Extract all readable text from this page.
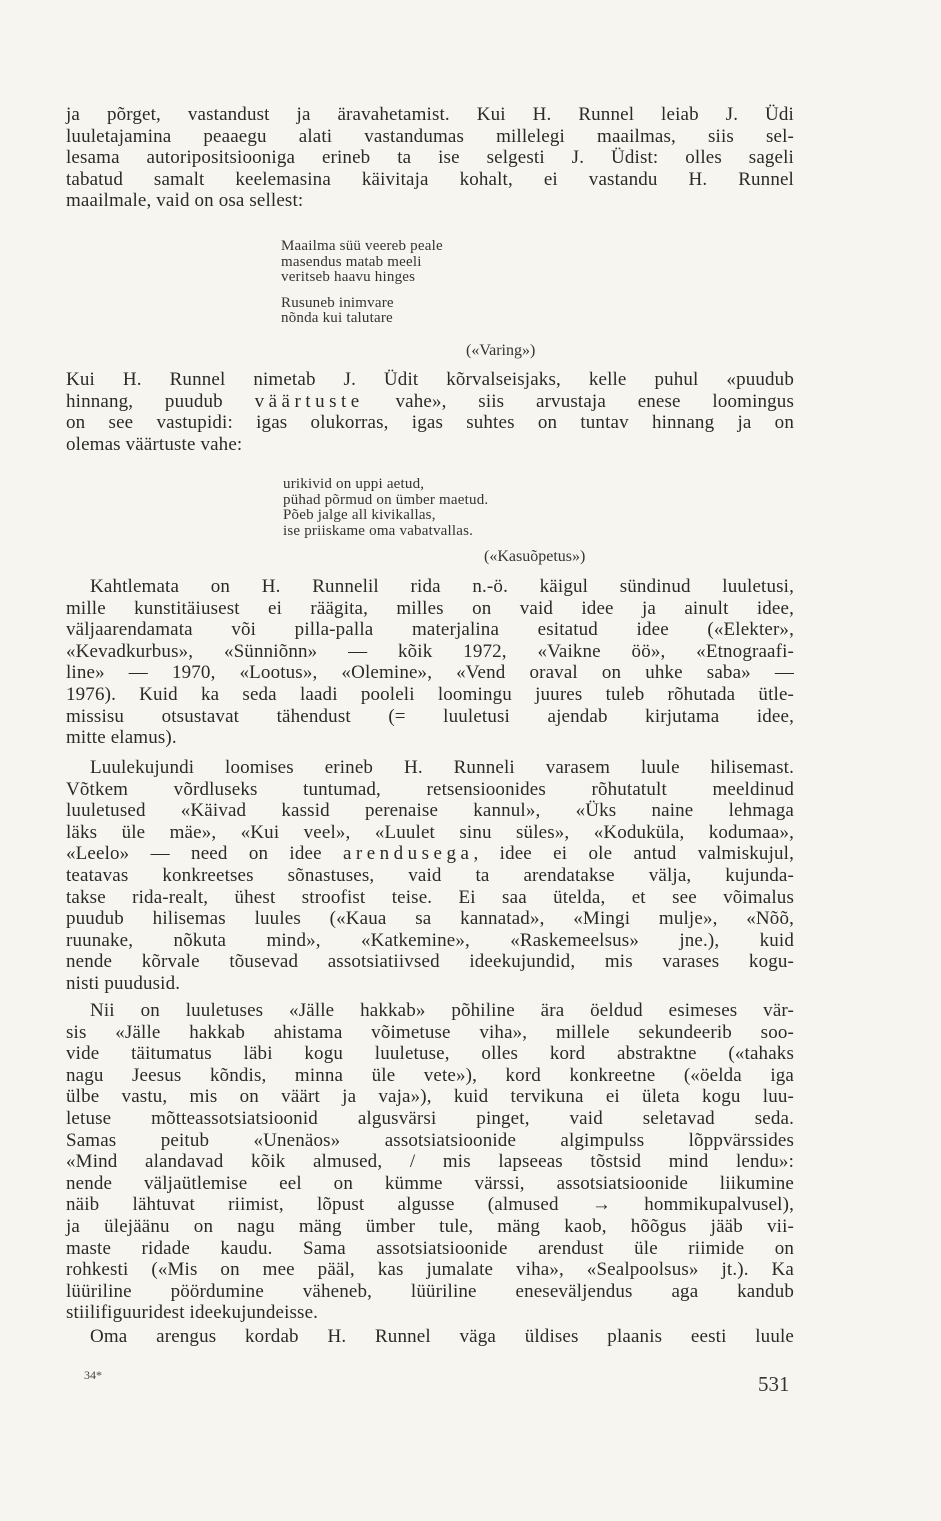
ja põrget, vastandust ja äravahetamist. Kui H. Runnel leiab J. Üdi
luuletajamina peaaegu alati vastandumas millelegi maailmas, siis sel-
lesama autoripositsiooniga erineb ta ise selgesti J. Üdist: olles sageli
tabatud samalt keelemasina käivitaja kohalt, ei vastandu H. Runnel
maailmale, vaid on osa sellest:
Maailma süü veereb peale
masendus matab meeli
veritseb haavu hinges
Rusuneb inimvare
nõnda kui talutare
(«Varing»)
Kui H. Runnel nimetab J. Üdit kõrvalseisjaks, kelle puhul «puudub
hinnang, puudub väärtuste vahe», siis arvustaja enese loomingus
on see vastupidi: igas olukorras, igas suhtes on tuntav hinnang ja on
olemas väärtuste vahe:
urikivid on uppi aetud,
pühad põrmud on ümber maetud.
Põeb jalge all kivikallas,
ise priiskame oma vabatvallas.
(«Kasuõpetus»)
Kahtlemata on H. Runnelil rida n.-ö. käigul sündinud luuletusi,
mille kunstitäiusest ei räägita, milles on vaid idee ja ainult idee,
väljaarendamata või pilla-palla materjalina esitatud idee («Elekter»,
«Kevadkurbus», «Sünniõnn» — kõik 1972, «Vaikne öö», «Etnograafi-
line» — 1970, «Lootus», «Olemine», «Vend oraval on uhke saba» —
1976). Kuid ka seda laadi pooleli loomingu juures tuleb rõhutada ütle-
missisu otsustavat tähendust (= luuletusi ajendab kirjutama idee,
mitte elamus).
Luulekujundi loomises erineb H. Runneli varasem luule hilisemast.
Võtkem võrdluseks tuntumad, retsensioonides rõhutatult meeldinud
luuletused «Käivad kassid perenaise kannul», «Üks naine lehmaga
läks üle mäe», «Kui veel», «Luulet sinu süles», «Koduküla, kodumaa»,
«Leelo» — need on idee arendusega, idee ei ole antud valmiskujul,
teatavas konkreetses sõnastuses, vaid ta arendatakse välja, kujunda-
takse rida-realt, ühest stroofist teise. Ei saa ütelda, et see võimalus
puudub hilisemas luules («Kaua sa kannatad», «Mingi mulje», «Nõõ,
ruunake, nõkuta mind», «Katkemine», «Raskemeelsus» jne.), kuid
nende kõrvale tõusevad assotsiatiivsed ideekujundid, mis varases kogu-
nisti puudusid.
Nii on luuletuses «Jälle hakkab» põhiline ära öeldud esimeses vär-
sis «Jälle hakkab ahistama võimetuse viha», millele sekundeerib soo-
vide täitumatus läbi kogu luuletuse, olles kord abstraktne («tahaks
nagu Jeesus kõndis, minna üle vete»), kord konkreetne («öelda iga
ülbe vastu, mis on väärt ja vaja»), kuid tervikuna ei ületa kogu luu-
letuse mõtteassotsiatsioonid algusvärsi pinget, vaid seletavad seda.
Samas peitub «Unenäos» assotsiatsioonide algimpulss lõppvärssides
«Mind alandavad kõik almused, / mis lapseeas tõstsid mind lendu»:
nende väljaütlemise eel on kümme värssi, assotsiatsioonide liikumine
näib lähtuvat riimist, lõpust algusse (almused → hommikupalvusel),
ja ülejäänu on nagu mäng ümber tule, mäng kaob, hõõgus jääb vii-
maste ridade kaudu. Sama assotsiatsioonide arendust üle riimide on
rohkesti («Mis on mee pääl, kas jumalate viha», «Sealpoolsus» jt.). Ka
lüüriline pöördumine väheneb, lüüriline eneseväljendus aga kandub
stiilifiguuridest ideekujundeisse.
Oma arengus kordab H. Runnel väga üldises plaanis eesti luule
34*	531
